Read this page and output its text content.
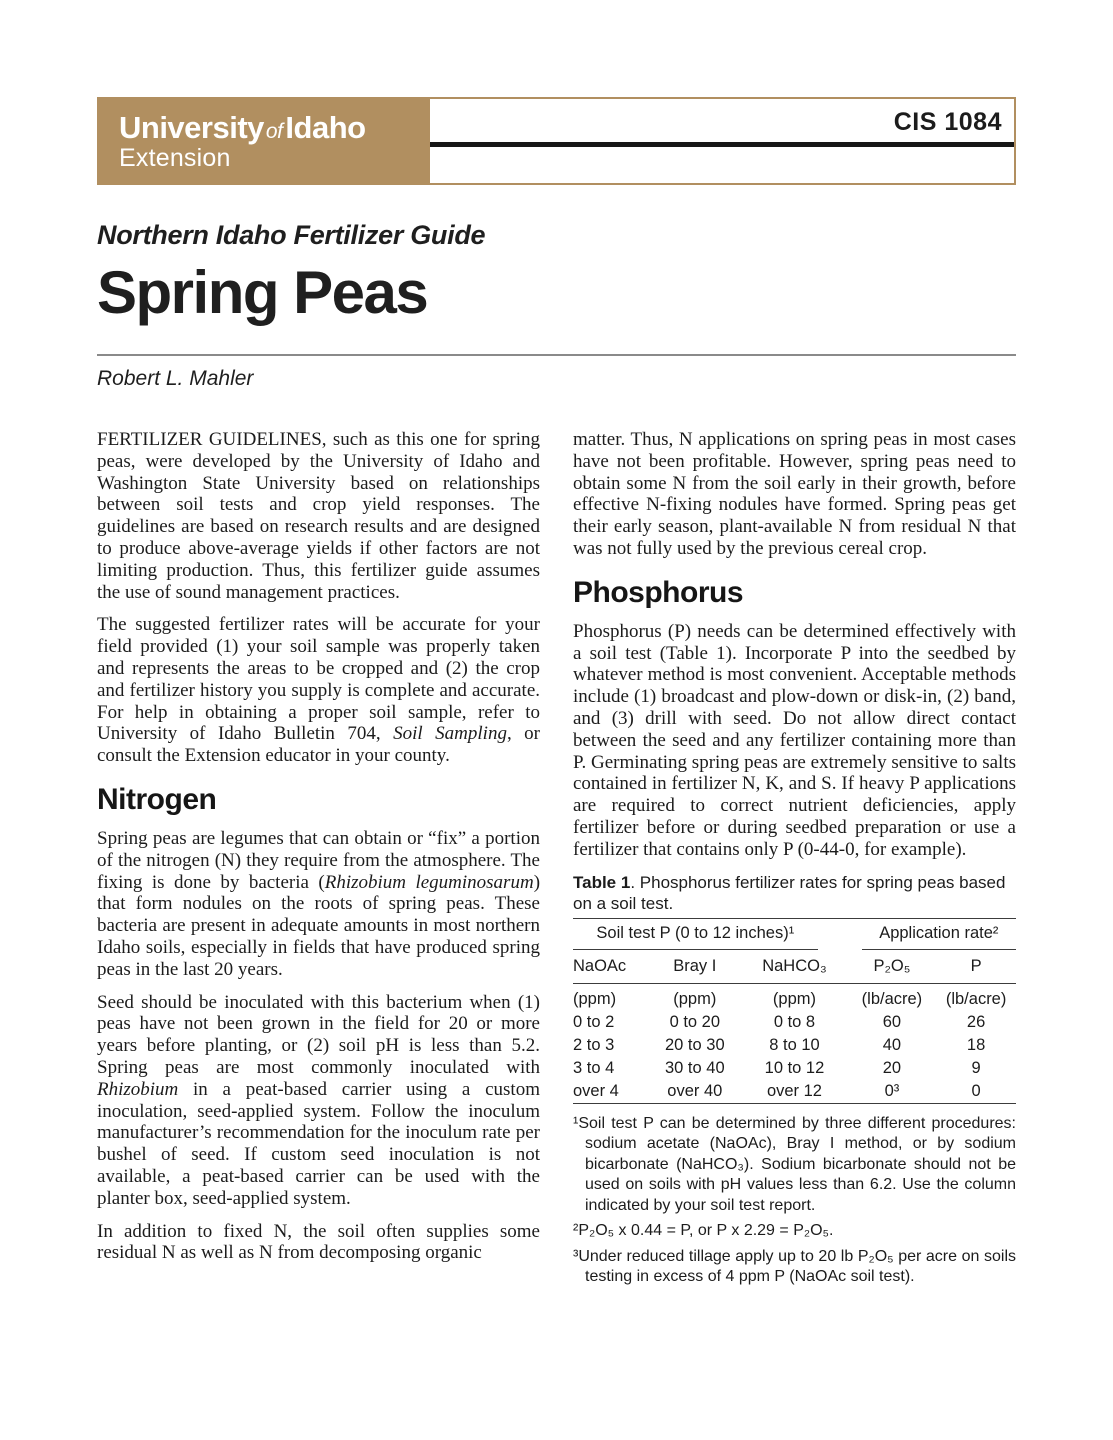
UniversityofIdaho
Extension
CIS 1084
Northern Idaho Fertilizer Guide
Spring Peas
Robert L. Mahler

FERTILIZER GUIDELINES, such as this one for spring peas, were developed by the University of Idaho and Washington State University based on relationships between soil tests and crop yield responses. The guidelines are based on research results and are designed to produce above-average yields if other factors are not limiting production. Thus, this fertilizer guide assumes the use of sound management practices.

The suggested fertilizer rates will be accurate for your field provided (1) your soil sample was properly taken and represents the areas to be cropped and (2) the crop and fertilizer history you supply is complete and accurate. For help in obtaining a proper soil sample, refer to University of Idaho Bulletin 704, Soil Sampling, or consult the Extension educator in your county.

Nitrogen

Spring peas are legumes that can obtain or “fix” a portion of the nitrogen (N) they require from the atmosphere. The fixing is done by bacteria (Rhizobium leguminosarum) that form nodules on the roots of spring peas. These bacteria are present in adequate amounts in most northern Idaho soils, especially in fields that have produced spring peas in the last 20 years.

Seed should be inoculated with this bacterium when (1) peas have not been grown in the field for 20 or more years before planting, or (2) soil pH is less than 5.2. Spring peas are most commonly inoculated with Rhizobium in a peat-based carrier using a custom inoculation, seed-applied system. Follow the inoculum manufacturer’s recommendation for the inoculum rate per bushel of seed. If custom seed inoculation is not available, a peat-based carrier can be used with the planter box, seed-applied system.

In addition to fixed N, the soil often supplies some residual N as well as N from decomposing organic

matter. Thus, N applications on spring peas in most cases have not been profitable. However, spring peas need to obtain some N from the soil early in their growth, before effective N-fixing nodules have formed. Spring peas get their early season, plant-available N from residual N that was not fully used by the previous cereal crop.

Phosphorus

Phosphorus (P) needs can be determined effectively with a soil test (Table 1). Incorporate P into the seedbed by whatever method is most convenient. Acceptable methods include (1) broadcast and plow-down or disk-in, (2) band, and (3) drill with seed. Do not allow direct contact between the seed and any fertilizer containing more than P. Germinating spring peas are extremely sensitive to salts contained in fertilizer N, K, and S. If heavy P applications are required to correct nutrient deficiencies, apply fertilizer before or during seedbed preparation or use a fertilizer that contains only P (0-44-0, for example).

Table 1. Phosphorus fertilizer rates for spring peas based on a soil test.
Soil test P (0 to 12 inches)¹			Application rate²	

NaOAc	Bray I	NaHCO₃	P₂O₅	P
(ppm)	(ppm)	(ppm)	(lb/acre)	(lb/acre)
0 to 2	0 to 20	0 to 8	60	26
2 to 3	20 to 30	8 to 10	40	18
3 to 4	30 to 40	10 to 12	20	9
over 4	over 40	over 12	0³	0

¹Soil test P can be determined by three different procedures: sodium acetate (NaOAc), Bray I method, or by sodium bicarbonate (NaHCO₃). Sodium bicarbonate should not be used on soils with pH values less than 6.2. Use the column indicated by your soil test report.

²P₂O₅ x 0.44 = P, or P x 2.29 = P₂O₅.

³Under reduced tillage apply up to 20 lb P₂O₅ per acre on soils testing in excess of 4 ppm P (NaOAc soil test).
